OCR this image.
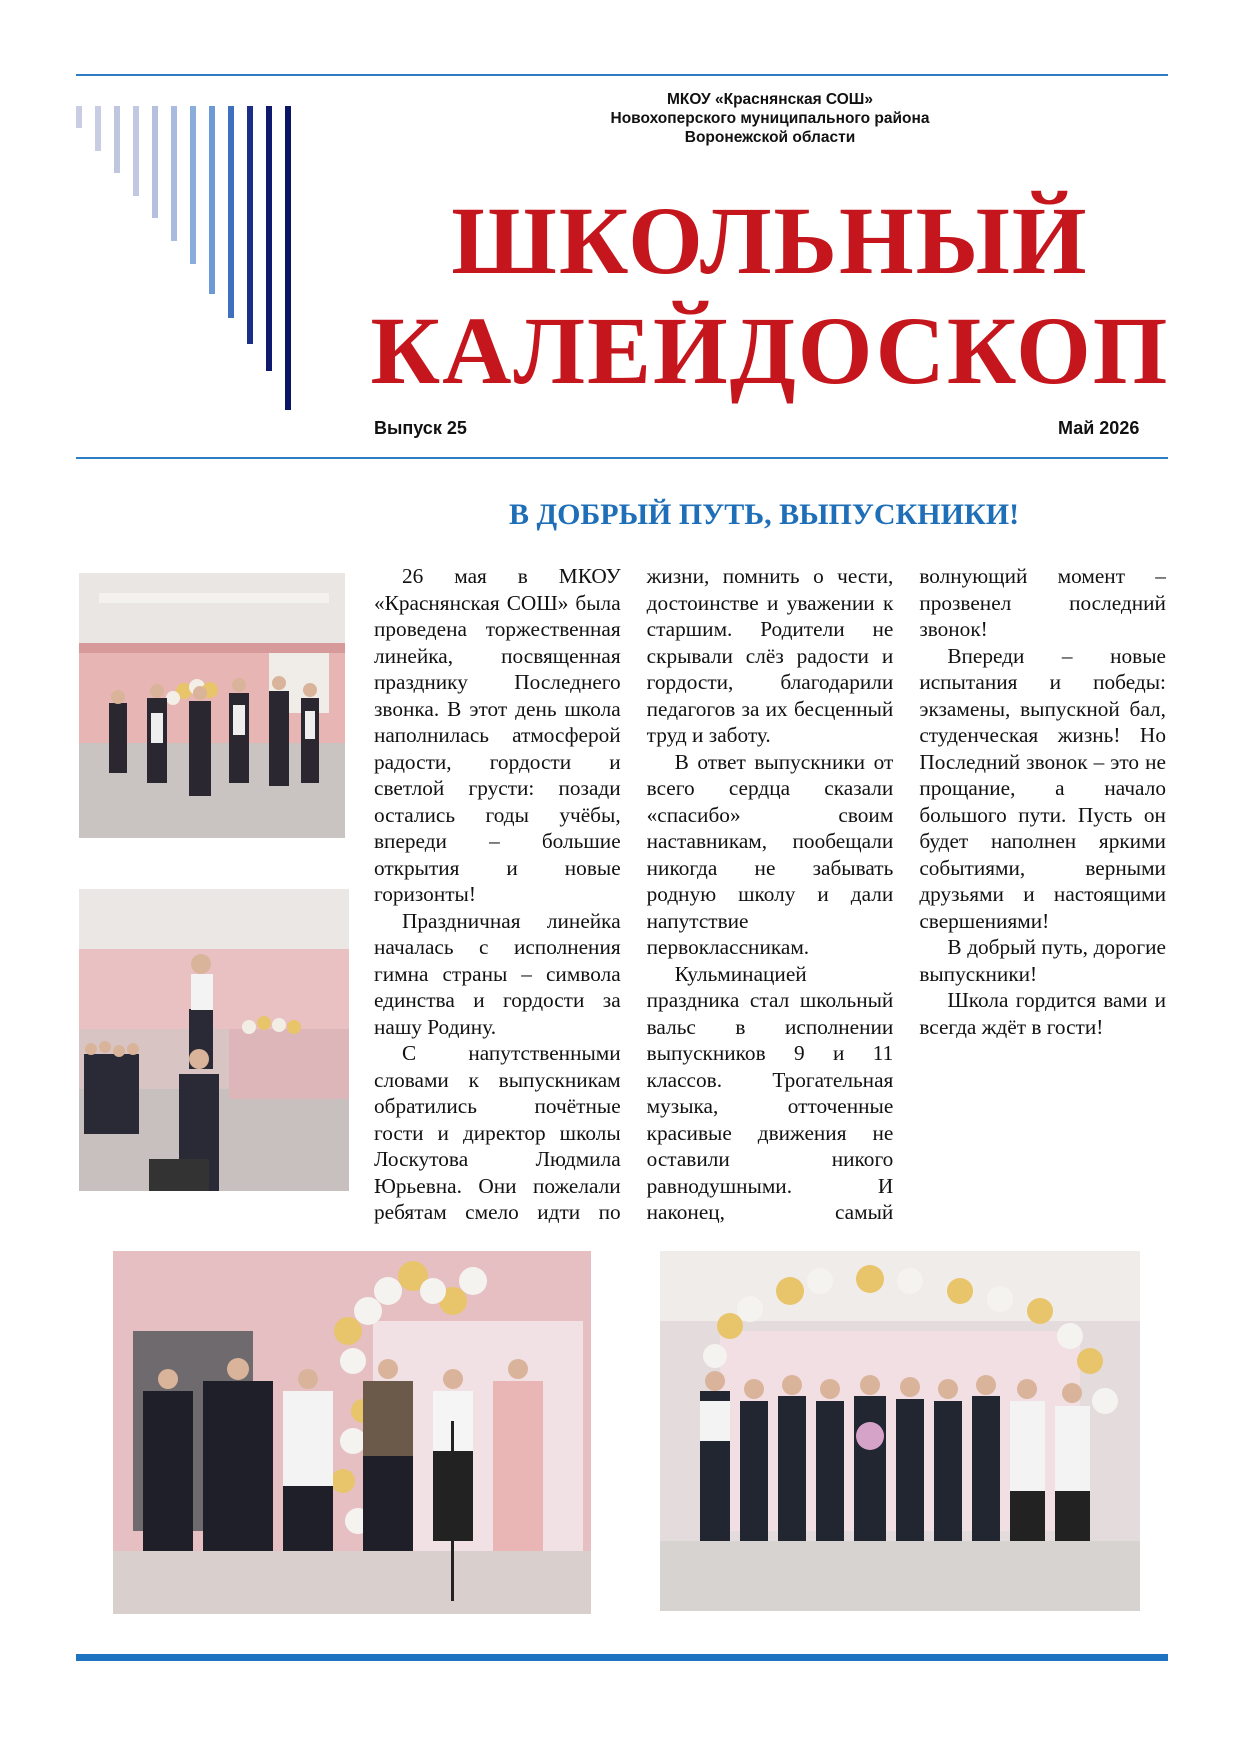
МКОУ «Краснянская СОШ»
Новохоперского муниципального района
Воронежской области
ШКОЛЬНЫЙ
КАЛЕЙДОСКОП
Выпуск 25	Май 2026
В ДОБРЫЙ ПУТЬ, ВЫПУСКНИКИ!

26 мая в МКОУ «Краснянская СОШ» была проведена торжественная линейка, посвященная празднику Последнего звонка. В этот день школа наполнилась атмосферой радости, гордости и светлой грусти: позади остались годы учёбы, впереди – большие открытия и новые горизонты!

Праздничная линейка началась с исполнения гимна страны – символа единства и гордости за нашу Родину.

С напутственными словами к выпускникам обратились почётные гости и директор школы Лоскутова Людмила Юрьевна. Они пожелали ребятам смело идти по жизни, помнить о чести, достоинстве и уважении к старшим. Родители не скрывали слёз радости и гордости, благодарили педагогов за их бесценный труд и заботу.

В ответ выпускники от всего сердца сказали «спасибо» своим наставникам, пообещали никогда не забывать родную школу и дали напутствие первоклассникам.

Кульминацией праздника стал школьный вальс в исполнении выпускников 9 и 11 классов. Трогательная музыка, отточенные красивые движения не оставили никого равнодушными. И наконец, самый волнующий момент – прозвенел последний звонок!

Впереди – новые испытания и победы: экзамены, выпускной бал, студенческая жизнь! Но Последний звонок – это не прощание, а начало большого пути. Пусть он будет наполнен яркими событиями, верными друзьями и настоящими свершениями!

В добрый путь, дорогие выпускники!

Школа гордится вами и всегда ждёт в гости!
